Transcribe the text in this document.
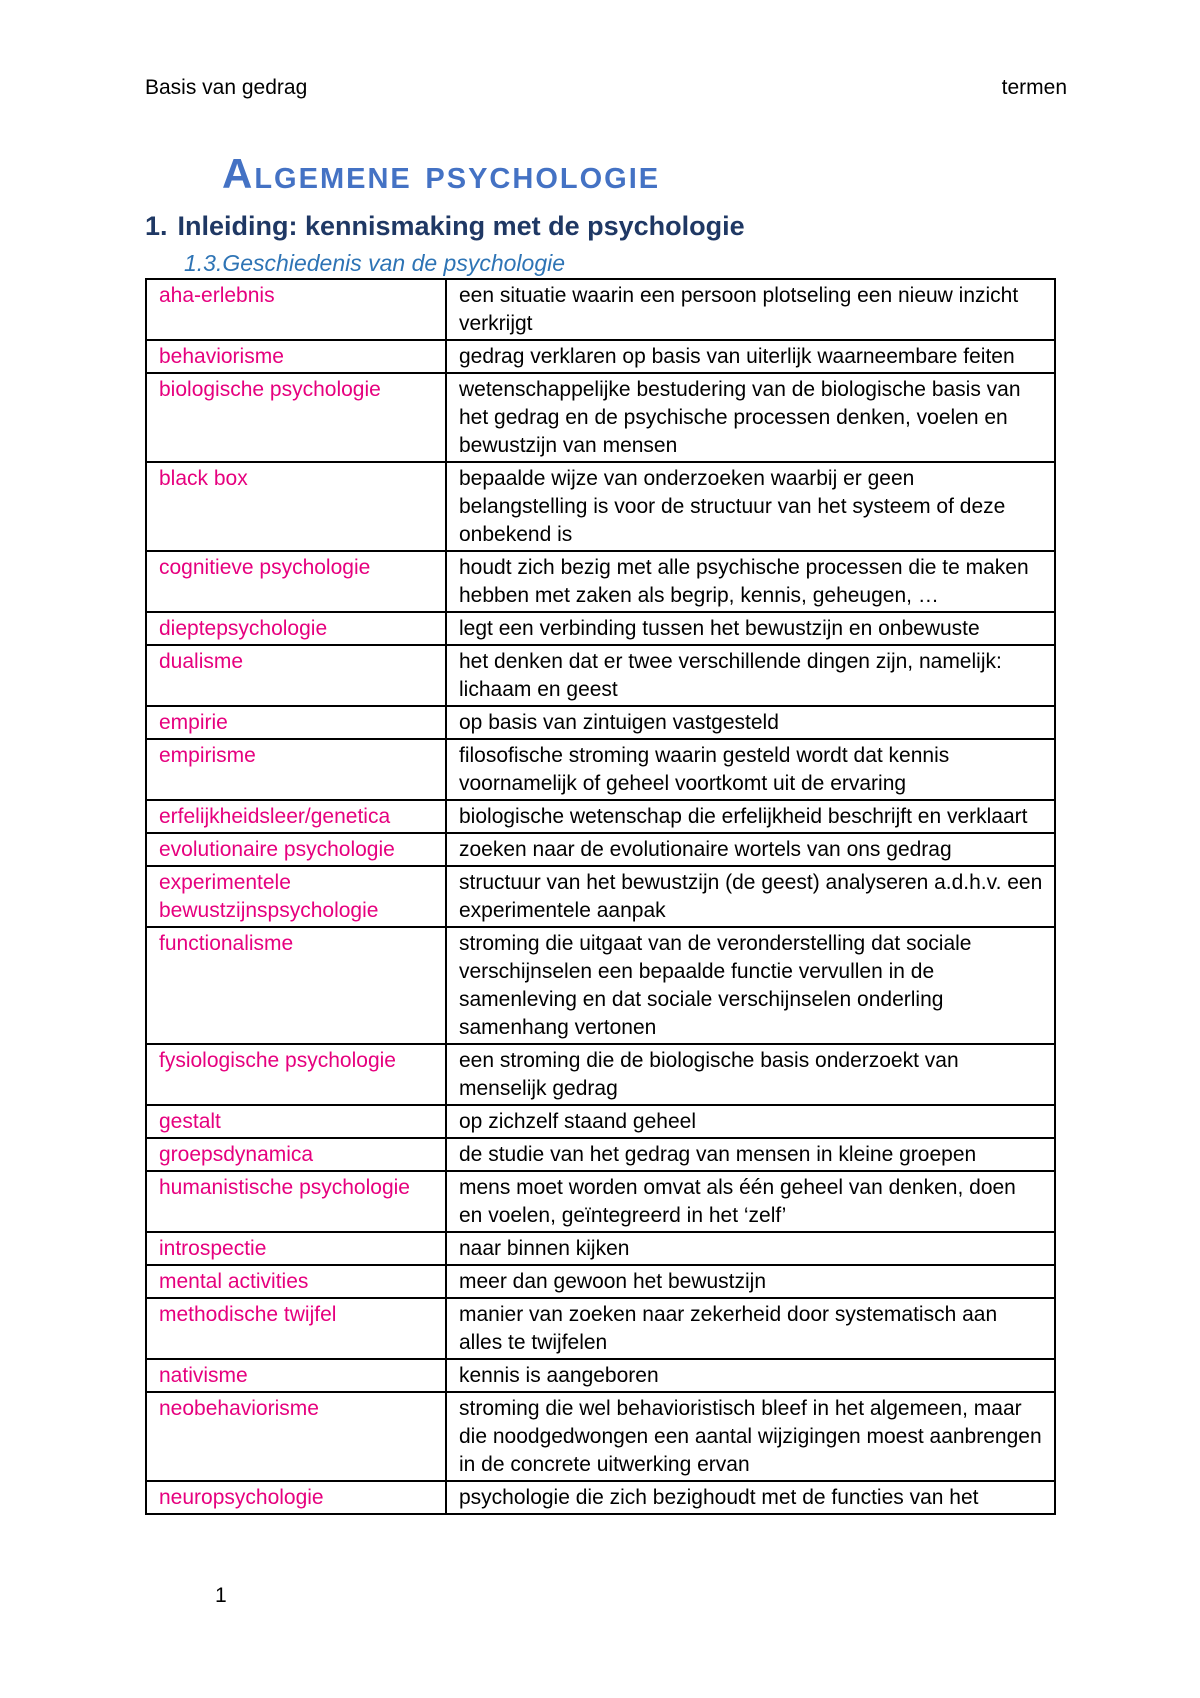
Basis van gedrag	termen
Algemene psychologie
1. Inleiding: kennismaking met de psychologie
1.3.Geschiedenis van de psychologie
aha-erlebnis	een situatie waarin een persoon plotseling een nieuw inzicht verkrijgt
behaviorisme	gedrag verklaren op basis van uiterlijk waarneembare feiten
biologische psychologie	wetenschappelijke bestudering van de biologische basis van het gedrag en de psychische processen denken, voelen en bewustzijn van mensen
black box	bepaalde wijze van onderzoeken waarbij er geen belangstelling is voor de structuur van het systeem of deze onbekend is
cognitieve psychologie	houdt zich bezig met alle psychische processen die te maken hebben met zaken als begrip, kennis, geheugen, …
dieptepsychologie	legt een verbinding tussen het bewustzijn en onbewuste
dualisme	het denken dat er twee verschillende dingen zijn, namelijk: lichaam en geest
empirie	op basis van zintuigen vastgesteld
empirisme	filosofische stroming waarin gesteld wordt dat kennis voornamelijk of geheel voortkomt uit de ervaring
erfelijkheidsleer/genetica	biologische wetenschap die erfelijkheid beschrijft en verklaart
evolutionaire psychologie	zoeken naar de evolutionaire wortels van ons gedrag
experimentele bewustzijnspsychologie	structuur van het bewustzijn (de geest) analyseren a.d.h.v. een experimentele aanpak
functionalisme	stroming die uitgaat van de veronderstelling dat sociale verschijnselen een bepaalde functie vervullen in de samenleving en dat sociale verschijnselen onderling samenhang vertonen
fysiologische psychologie	een stroming die de biologische basis onderzoekt van menselijk gedrag
gestalt	op zichzelf staand geheel
groepsdynamica	de studie van het gedrag van mensen in kleine groepen
humanistische psychologie	mens moet worden omvat als één geheel van denken, doen en voelen, geïntegreerd in het ‘zelf’
introspectie	naar binnen kijken
mental activities	meer dan gewoon het bewustzijn
methodische twijfel	manier van zoeken naar zekerheid door systematisch aan alles te twijfelen
nativisme	kennis is aangeboren
neobehaviorisme	stroming die wel behavioristisch bleef in het algemeen, maar die noodgedwongen een aantal wijzigingen moest aanbrengen in de concrete uitwerking ervan
neuropsychologie	psychologie die zich bezighoudt met de functies van het
1
